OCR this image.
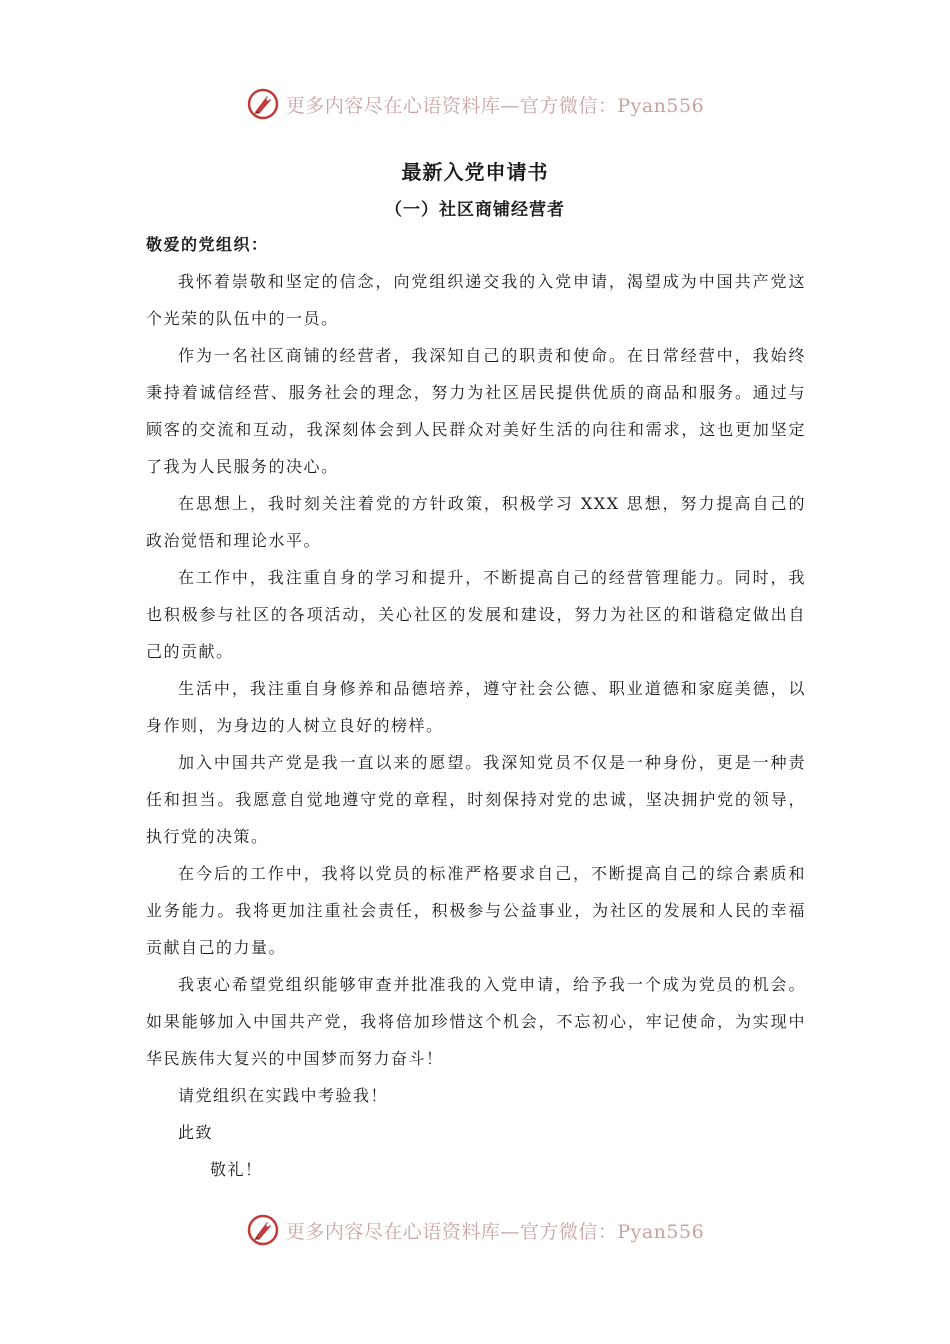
更多内容尽在心语资料库—官方微信：Pyan556
最新入党申请书
（一）社区商铺经营者

敬爱的党组织：

我怀着崇敬和坚定的信念，向党组织递交我的入党申请，渴望成为中国共产党这个光荣的队伍中的一员。

作为一名社区商铺的经营者，我深知自己的职责和使命。在日常经营中，我始终秉持着诚信经营、服务社会的理念，努力为社区居民提供优质的商品和服务。通过与顾客的交流和互动，我深刻体会到人民群众对美好生活的向往和需求，这也更加坚定了我为人民服务的决心。

在思想上，我时刻关注着党的方针政策，积极学习 XXX 思想，努力提高自己的政治觉悟和理论水平。

在工作中，我注重自身的学习和提升，不断提高自己的经营管理能力。同时，我也积极参与社区的各项活动，关心社区的发展和建设，努力为社区的和谐稳定做出自己的贡献。

生活中，我注重自身修养和品德培养，遵守社会公德、职业道德和家庭美德，以身作则，为身边的人树立良好的榜样。

加入中国共产党是我一直以来的愿望。我深知党员不仅是一种身份，更是一种责任和担当。我愿意自觉地遵守党的章程，时刻保持对党的忠诚，坚决拥护党的领导，执行党的决策。

在今后的工作中，我将以党员的标准严格要求自己，不断提高自己的综合素质和业务能力。我将更加注重社会责任，积极参与公益事业，为社区的发展和人民的幸福贡献自己的力量。

我衷心希望党组织能够审查并批准我的入党申请，给予我一个成为党员的机会。如果能够加入中国共产党，我将倍加珍惜这个机会，不忘初心，牢记使命，为实现中华民族伟大复兴的中国梦而努力奋斗！

请党组织在实践中考验我！

此致

敬礼！

更多内容尽在心语资料库—官方微信：Pyan556
